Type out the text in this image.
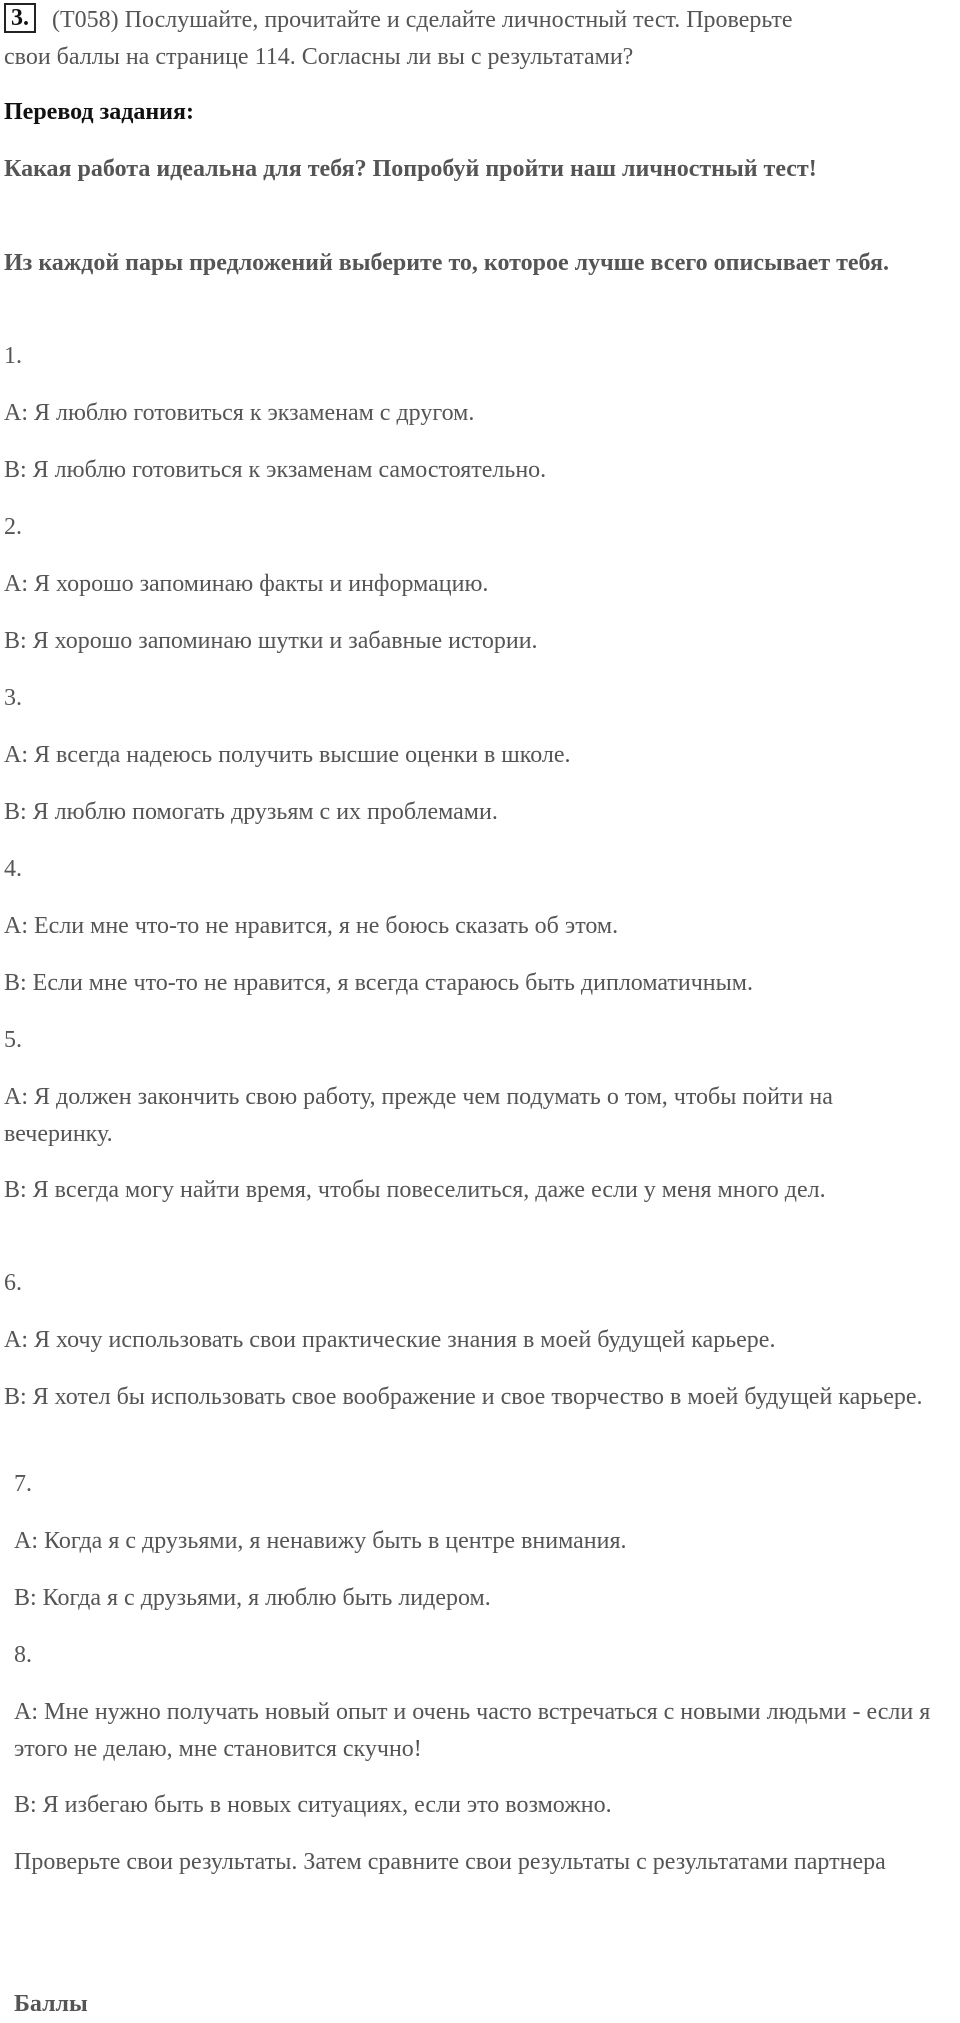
3. (T058) Послушайте, прочитайте и сделайте личностный тест. Проверьте
свои баллы на странице 114. Согласны ли вы с результатами?
Перевод задания:
Какая работа идеальна для тебя? Попробуй пройти наш личностный тест!
Из каждой пары предложений выберите то, которое лучше всего описывает тебя.
1.
А: Я люблю готовиться к экзаменам с другом.
В: Я люблю готовиться к экзаменам самостоятельно.
2.
А: Я хорошо запоминаю факты и информацию.
В: Я хорошо запоминаю шутки и забавные истории.
3.
А: Я всегда надеюсь получить высшие оценки в школе.
В: Я люблю помогать друзьям с их проблемами.
4.
А: Если мне что-то не нравится, я не боюсь сказать об этом.
В: Если мне что-то не нравится, я всегда стараюсь быть дипломатичным.
5.
А: Я должен закончить свою работу, прежде чем подумать о том, чтобы пойти на вечеринку.
В: Я всегда могу найти время, чтобы повеселиться, даже если у меня много дел.
6.
А: Я хочу использовать свои практические знания в моей будущей карьере.
В: Я хотел бы использовать свое воображение и свое творчество в моей будущей карьере.
7.
А: Когда я с друзьями, я ненавижу быть в центре внимания.
В: Когда я с друзьями, я люблю быть лидером.
8.
А: Мне нужно получать новый опыт и очень часто встречаться с новыми людьми - если я этого не делаю, мне становится скучно!
В: Я избегаю быть в новых ситуациях, если это возможно.
Проверьте свои результаты. Затем сравните свои результаты с результатами партнера
Баллы
